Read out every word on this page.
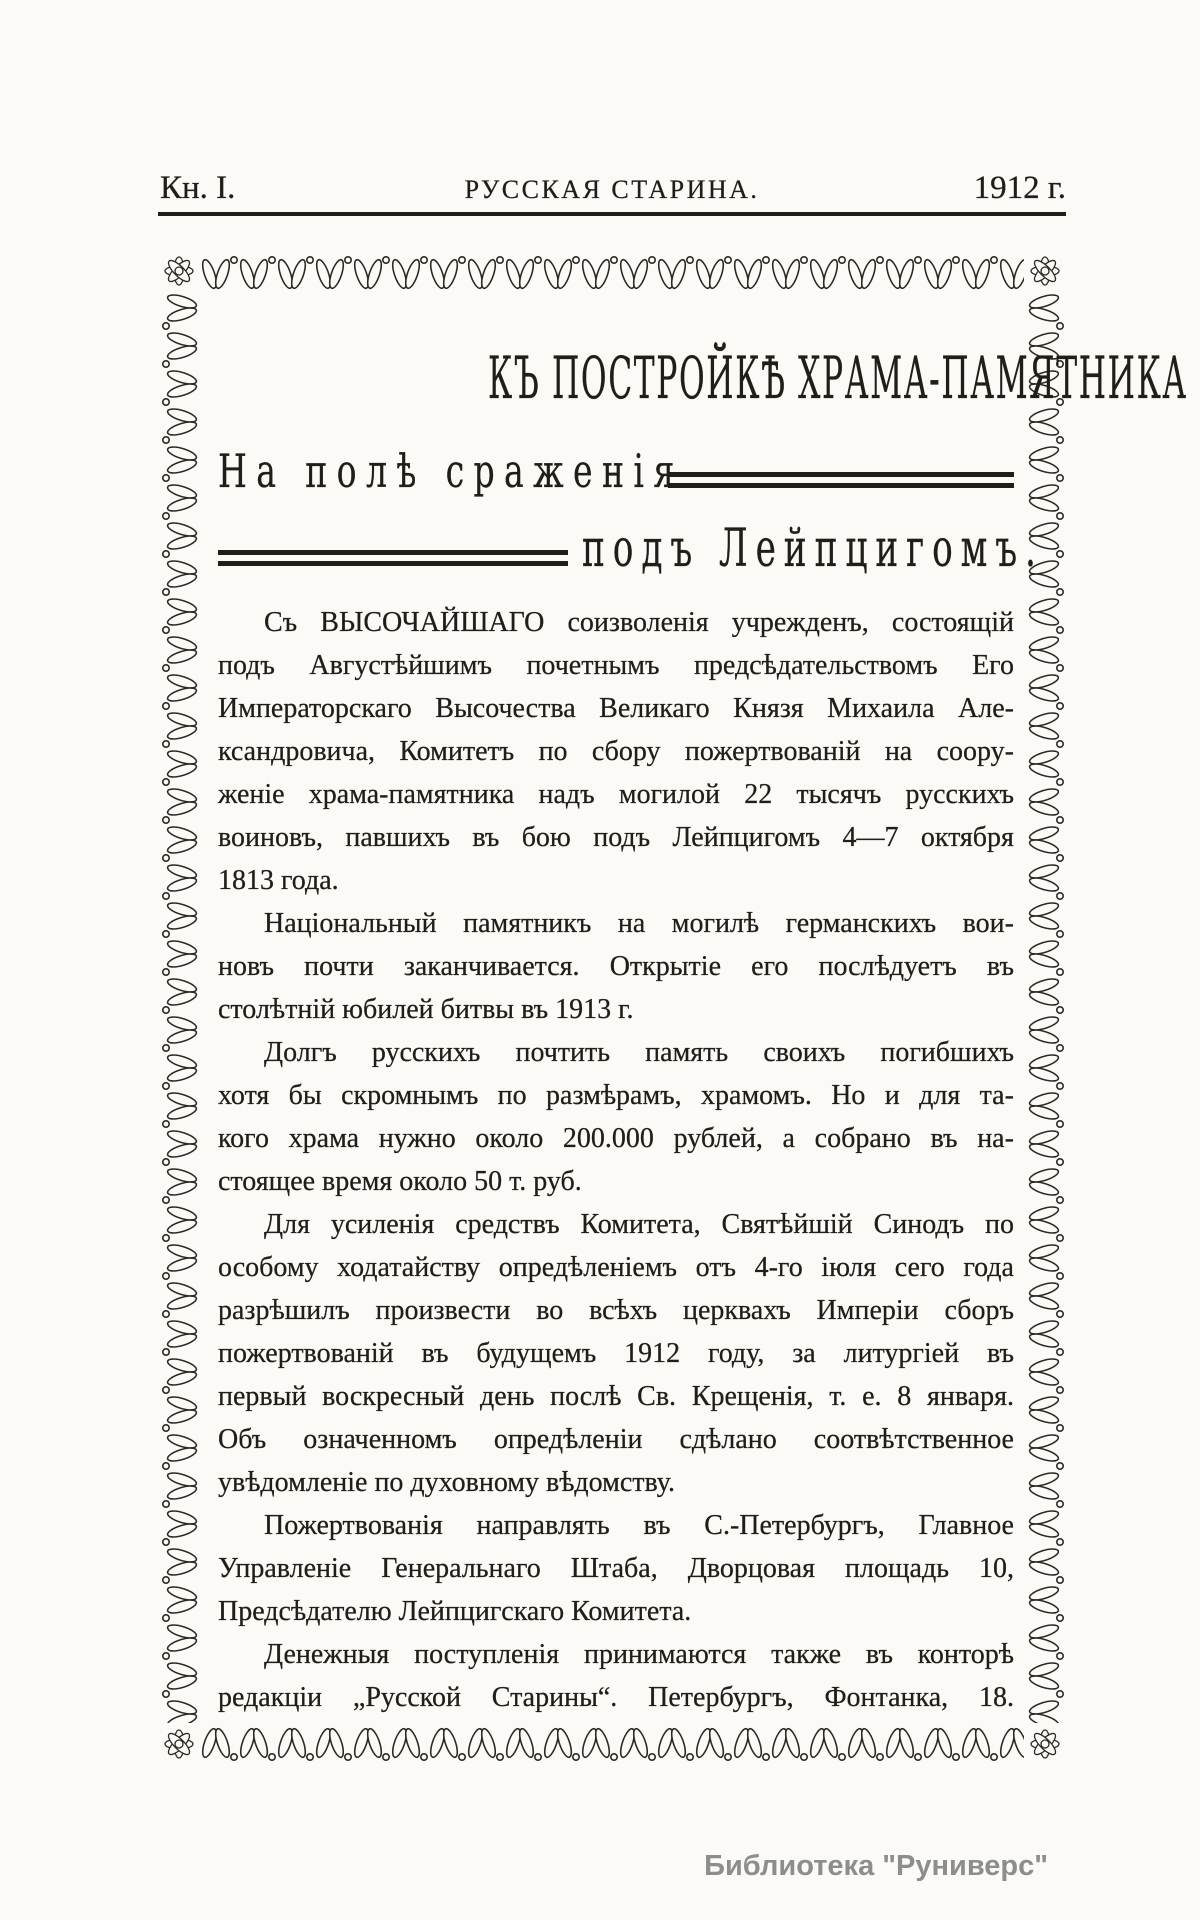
Кн. I.	РУССКАЯ СТАРИНА.	1912 г.
КЪ ПОСТРОЙКѢ ХРАМА-ПАМЯТНИКА
На полѣ сраженія
подъ Лейпцигомъ.
Съ ВЫСОЧАЙШАГО соизволенія учрежденъ, состоящій
подъ Августѣйшимъ почетнымъ предсѣдательствомъ Его
Императорскаго Высочества Великаго Князя Михаила Але-
ксандровича, Комитетъ по сбору пожертвованій на соору-
женіе храма-памятника надъ могилой 22 тысячъ русскихъ
воиновъ, павшихъ въ бою подъ Лейпцигомъ 4—7 октября
1813 года.
Національный памятникъ на могилѣ германскихъ вои-
новъ почти заканчивается. Открытіе его послѣдуетъ въ
столѣтній юбилей битвы въ 1913 г.
Долгъ русскихъ почтить память своихъ погибшихъ
хотя бы скромнымъ по размѣрамъ, храмомъ. Но и для та-
кого храма нужно около 200.000 рублей, а собрано въ на-
стоящее время около 50 т. руб.
Для усиленія средствъ Комитета, Святѣйшій Синодъ по
особому ходатайству опредѣленіемъ отъ 4-го іюля сего года
разрѣшилъ произвести во всѣхъ церквахъ Имперіи сборъ
пожертвованій въ будущемъ 1912 году, за литургіей въ
первый воскресный день послѣ Св. Крещенія, т. е. 8 января.
Объ означенномъ опредѣленіи сдѣлано соотвѣтственное
увѣдомленіе по духовному вѣдомству.
Пожертвованія направлять въ С.-Петербургъ, Главное
Управленіе Генеральнаго Штаба, Дворцовая площадь 10,
Предсѣдателю Лейпцигскаго Комитета.
Денежныя поступленія принимаются также въ конторѣ
редакціи „Русской Старины“. Петербургъ, Фонтанка, 18.
Библиотека "Руниверс"
